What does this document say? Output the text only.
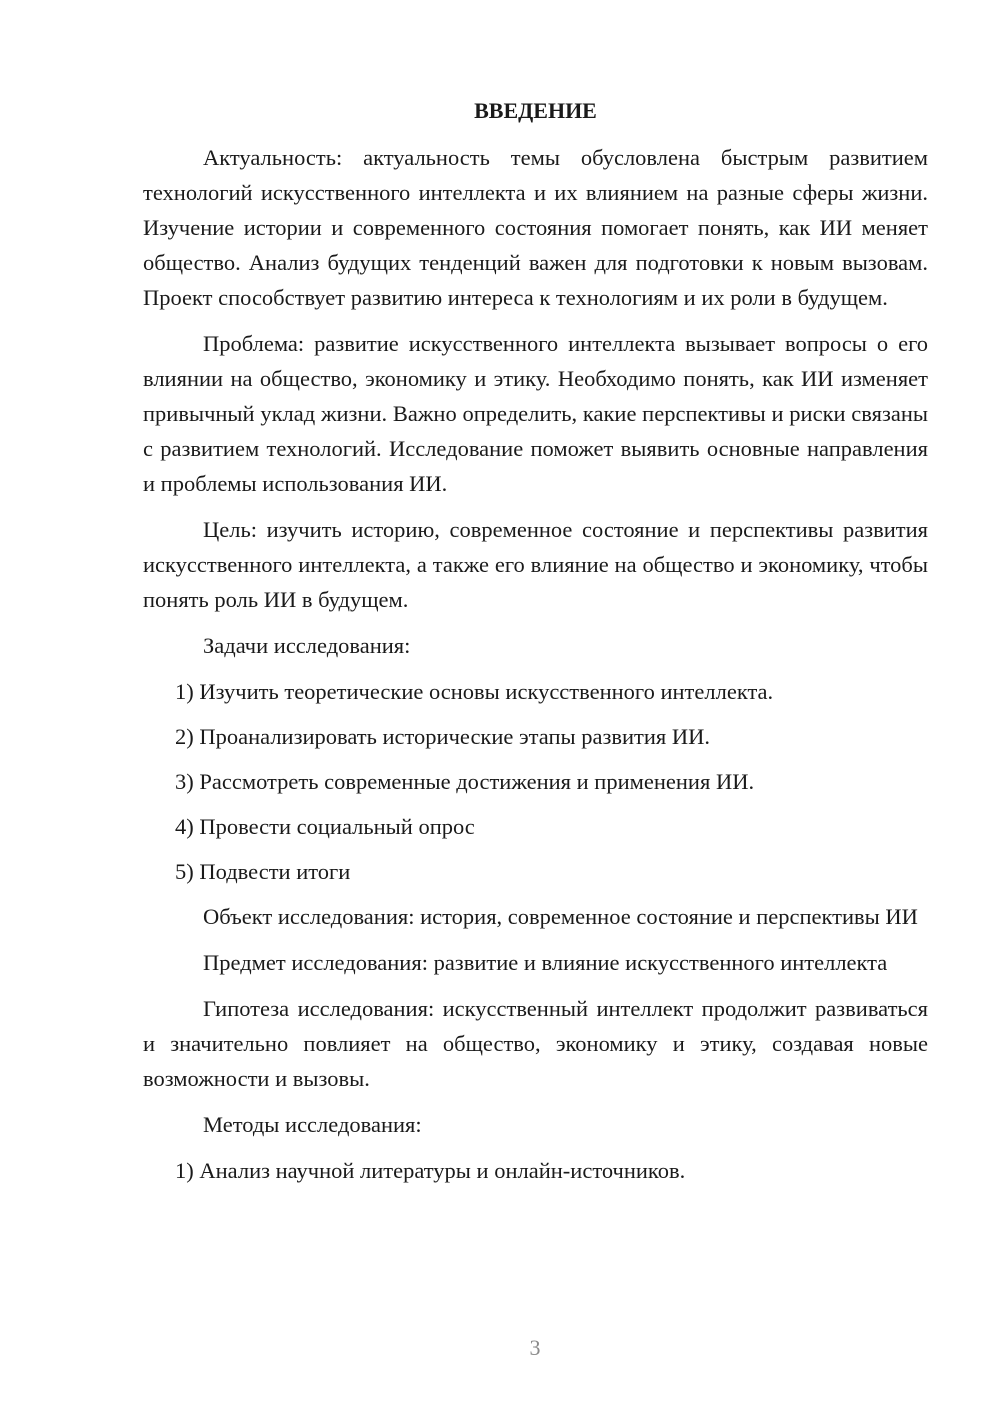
ВВЕДЕНИЕ

Актуальность: актуальность темы обусловлена быстрым развитием технологий искусственного интеллекта и их влиянием на разные сферы жизни. Изучение истории и современного состояния помогает понять, как ИИ меняет общество. Анализ будущих тенденций важен для подготовки к новым вызовам. Проект способствует развитию интереса к технологиям и их роли в будущем.

Проблема: развитие искусственного интеллекта вызывает вопросы о его влиянии на общество, экономику и этику. Необходимо понять, как ИИ изменяет привычный уклад жизни. Важно определить, какие перспективы и риски связаны с развитием технологий. Исследование поможет выявить основные направления и проблемы использования ИИ.

Цель: изучить историю, современное состояние и перспективы развития искусственного интеллекта, а также его влияние на общество и экономику, чтобы понять роль ИИ в будущем.

Задачи исследования:

1) Изучить теоретические основы искусственного интеллекта.

2) Проанализировать исторические этапы развития ИИ.

3) Рассмотреть современные достижения и применения ИИ.

4) Провести социальный опрос

5) Подвести итоги

Объект исследования: история, современное состояние и перспективы ИИ

Предмет исследования: развитие и влияние искусственного интеллекта

Гипотеза исследования: искусственный интеллект продолжит развиваться и значительно повлияет на общество, экономику и этику, создавая новые возможности и вызовы.

Методы исследования:

1) Анализ научной литературы и онлайн-источников.

3
